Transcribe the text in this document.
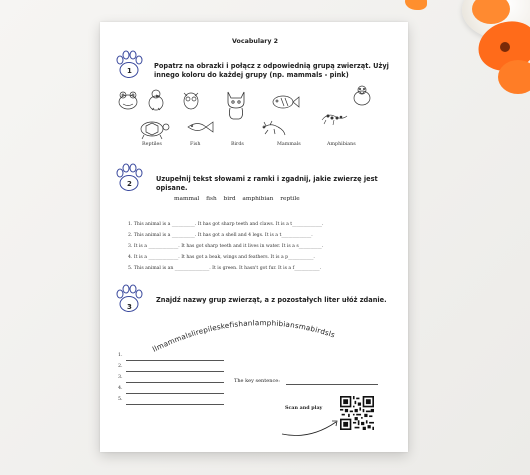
Vocabulary 2
1
Popatrz na obrazki i połącz z odpowiednią grupą zwierząt. Użyj innego koloru do każdej grupy (np. mammals - pink)
Reptiles	Fish	Birds	Mammals	Amphibians
2
Uzupełnij tekst słowami z ramki i zgadnij, jakie zwierzę jest opisane.
mammal fish bird amphibian reptile
1. This animal is a __________. It has got sharp teeth and claws. It is a t_____________.
2. This animal is a __________. It has got a shell and 4 legs. It is a t_____________.
3. It is a _____________. It has got sharp teeth and it lives in water. It is a s__________.
4. It is a _____________. It has got a beak, wings and feathers. It is a p___________.
5. This animal is an _______________. It is green. It hasn't got fur. It is a f___________.
3
Znajdź nazwy grup zwierząt, a z pozostałych liter ułóż zdanie.
llmammalslirepileskefishanlamphibiansmabirdsls
1.
2.
3.
4.
5.
The key sentence:
Scan and play
